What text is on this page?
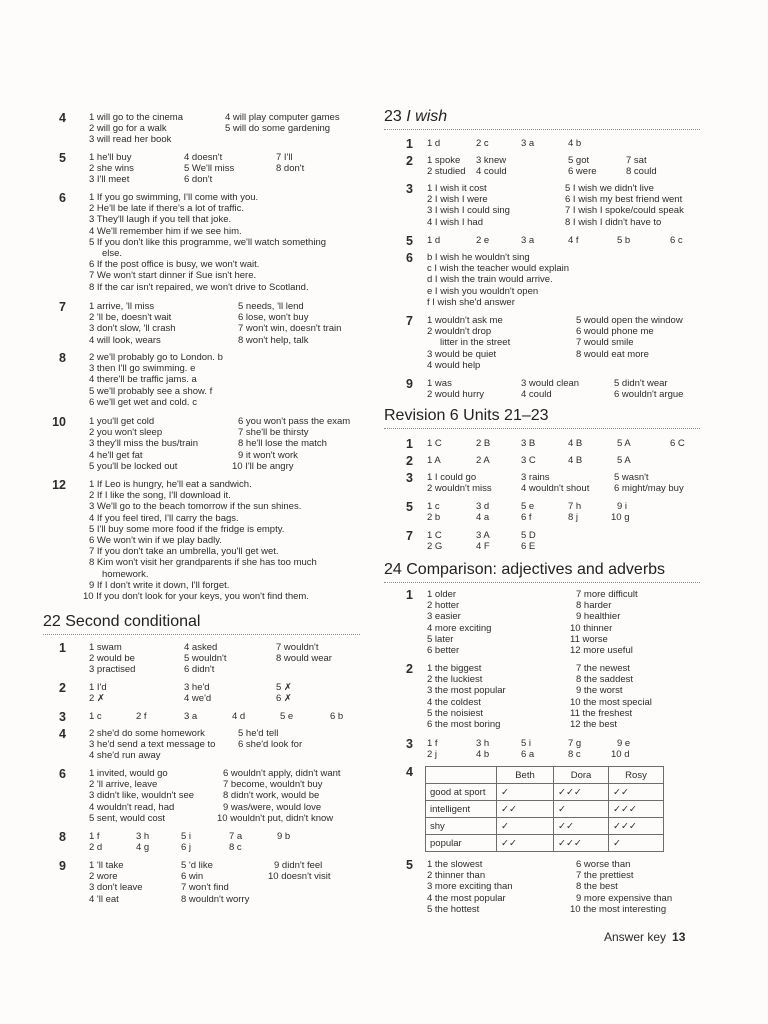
4 1 will go to the cinema	4 will play computer games
2 will go for a walk	5 will do some gardening
3 will read her book
5 1 he'll buy	4 doesn't	7 I'll
2 she wins	5 We'll miss	8 don't
3 I'll meet	6 don't
6 1 If you go swimming, I'll come with you.
2 He'll be late if there's a lot of traffic.
3 They'll laugh if you tell that joke.
4 We'll remember him if we see him.
5 If you don't like this programme, we'll watch something
else.
6 If the post office is busy, we won't wait.
7 We won't start dinner if Sue isn't here.
8 If the car isn't repaired, we won't drive to Scotland.
7 1 arrive, 'll miss	5 needs, 'll lend
2 'll be, doesn't wait	6 lose, won't buy
3 don't slow, 'll crash	7 won't win, doesn't train
4 will look, wears	8 won't help, talk
8 2 we'll probably go to London. b
3 then I'll go swimming. e
4 there'll be traffic jams. a
5 we'll probably see a show. f
6 we'll get wet and cold. c
10 1 you'll get cold	6 you won't pass the exam
2 you won't sleep	7 she'll be thirsty
3 they'll miss the bus/train	8 he'll lose the match
4 he'll get fat	9 it won't work
5 you'll be locked out	10 I'll be angry
12 1 If Leo is hungry, he'll eat a sandwich.
2 If I like the song, I'll download it.
3 We'll go to the beach tomorrow if the sun shines.
4 If you feel tired, I'll carry the bags.
5 I'll buy some more food if the fridge is empty.
6 We won't win if we play badly.
7 If you don't take an umbrella, you'll get wet.
8 Kim won't visit her grandparents if she has too much
homework.
9 If I don't write it down, I'll forget.
10 If you don't look for your keys, you won't find them.
1 1 swam	4 asked	7 wouldn't
2 would be	5 wouldn't	8 would wear
3 practised	6 didn't
2 1 I'd	3 he'd	5 ✗
2 ✗	4 we'd	6 ✗
3 1 c	2 f	3 a	4 d	5 e	6 b
4 2 she'd do some homework	5 he'd tell
3 he'd send a text message to 6 she'd look for
4 she'd run away
6 1 invited, would go	6 wouldn't apply, didn't want
2 'll arrive, leave	7 become, wouldn't buy
3 didn't like, wouldn't see	8 didn't work, would be
4 wouldn't read, had	9 was/were, would love
5 sent, would cost	10 wouldn't put, didn't know
8 1 f	3 h	5 i	7 a	9 b
2 d	4 g	6 j	8 c
9 1 'll take	5 'd like	9 didn't feel
2 wore	6 win	10 doesn't visit
3 don't leave	7 won't find
4 'll eat	8 wouldn't worry
1 1 d	2 c	3 a	4 b
2 1 spoke 3 knew	5 got	7 sat
2 studied 4 could	6 were	8 could
3 1 I wish it cost	5 I wish we didn't live
2 I wish I were	6 I wish my best friend went
3 I wish I could sing	7 I wish I spoke/could speak
4 I wish I had	8 I wish I didn't have to
5 1 d	2 e	3 a	4 f	5 b	6 c
6 b I wish he wouldn't sing
c I wish the teacher would explain
d I wish the train would arrive.
e I wish you wouldn't open
f I wish she'd answer
7 1 wouldn't ask me	5 would open the window
2 wouldn't drop	6 would phone me
litter in the street	7 would smile
3 would be quiet	8 would eat more
4 would help
9 1 was	3 would clean	5 didn't wear
2 would hurry	4 could	6 wouldn't argue
1 1 C	2 B	3 B	4 B	5 A	6 C
2 1 A	2 A	3 C	4 B	5 A
3 1 I could go	3 rains	5 wasn't
2 wouldn't miss	4 wouldn't shout	6 might/may buy
5 1 c	3 d	5 e	7 h	9 i
2 b	4 a	6 f	8 j	10 g
7 1 C	3 A	5 D
2 G	4 F	6 E
1 1 older	7 more difficult
2 hotter	8 harder
3 easier	9 healthier
4 more exciting	10 thinner
5 later	11 worse
6 better	12 more useful
2 1 the biggest	7 the newest
2 the luckiest	8 the saddest
3 the most popular	9 the worst
4 the coldest	10 the most special
5 the noisiest	11 the freshest
6 the most boring	12 the best
3 1 f	3 h	5 i	7 g	9 e
2 j	4 b	6 a	8 c	10 d
4
5 1 the slowest	6 worse than
2 thinner than	7 the prettiest
3 more exciting than	8 the best
4 the most popular	9 more expensive than
5 the hottest	10 the most interesting
23 I wish
Revision 6 Units 21–23
24 Comparison: adjectives and adverbs
22 Second conditional
	Beth	Dora	Rosy
good at sport	✓	✓✓✓	✓✓
intelligent	✓✓	✓	✓✓✓
shy	✓	✓✓	✓✓✓
popular	✓✓	✓✓✓	✓
Answer key 13
